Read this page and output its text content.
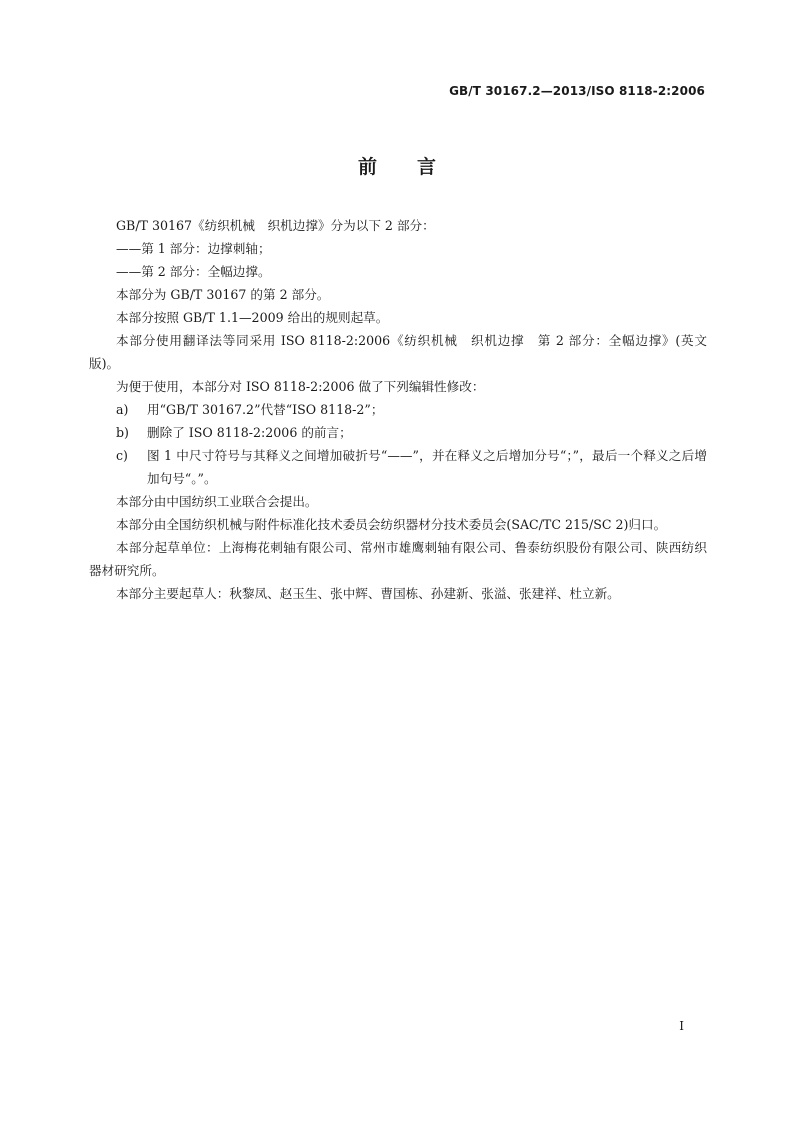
GB/T 30167.2—2013/ISO 8118-2:2006
前言

GB/T 30167《纺织机械　织机边撑》分为以下 2 部分：

——第 1 部分：边撑刺轴；

——第 2 部分：全幅边撑。

本部分为 GB/T 30167 的第 2 部分。

本部分按照 GB/T 1.1—2009 给出的规则起草。

本部分使用翻译法等同采用 ISO 8118-2:2006《纺织机械　织机边撑　第 2 部分：全幅边撑》(英文版)。

为便于使用，本部分对 ISO 8118-2:2006 做了下列编辑性修改：

a) 用“GB/T 30167.2”代替“ISO 8118-2”；

b) 删除了 ISO 8118-2:2006 的前言；

c) 图 1 中尺寸符号与其释义之间增加破折号“——”，并在释义之后增加分号“；”，最后一个释义之后增加句号“。”。

本部分由中国纺织工业联合会提出。

本部分由全国纺织机械与附件标准化技术委员会纺织器材分技术委员会(SAC/TC 215/SC 2)归口。

本部分起草单位：上海梅花刺轴有限公司、常州市雄鹰刺轴有限公司、鲁泰纺织股份有限公司、陕西纺织器材研究所。

本部分主要起草人：秋黎凤、赵玉生、张中辉、曹国栋、孙建新、张溢、张建祥、杜立新。

I
